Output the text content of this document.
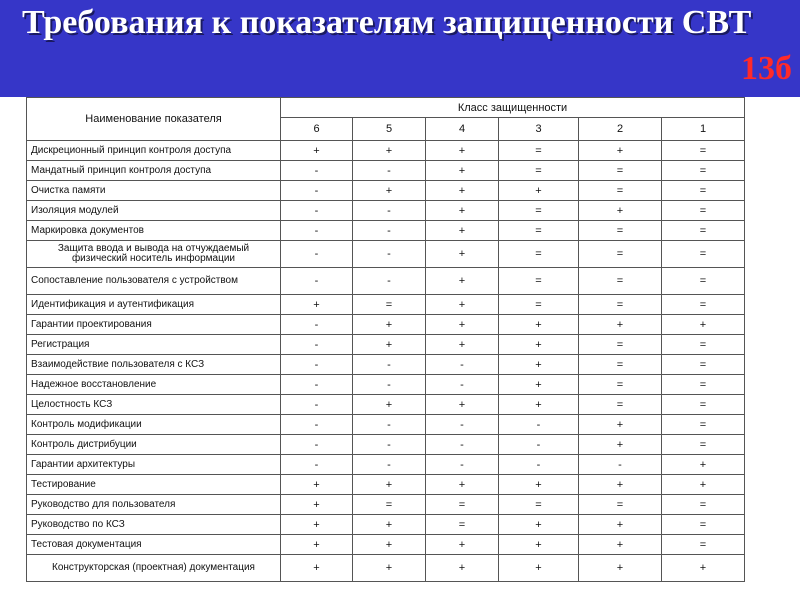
Требования к показателям защищенности СВТ
13б
Наименование показателя	Класс защищенности					
	6	5	4	3	2	1
Дискреционный принцип контроля доступа	+	+	+	=	+	=
Мандатный принцип контроля доступа	-	-	+	=	=	=
Очистка памяти	-	+	+	+	=	=
Изоляция модулей	-	-	+	=	+	=
Маркировка документов	-	-	+	=	=	=
Защита ввода и вывода на отчуждаемый физический носитель информации	-	-	+	=	=	=
Сопоставление пользователя с устройством	-	-	+	=	=	=
Идентификация и аутентификация	+	=	+	=	=	=
Гарантии проектирования	-	+	+	+	+	+
Регистрация	-	+	+	+	=	=
Взаимодействие пользователя с КСЗ	-	-	-	+	=	=
Надежное восстановление	-	-	-	+	=	=
Целостность КСЗ	-	+	+	+	=	=
Контроль модификации	-	-	-	-	+	=
Контроль дистрибуции	-	-	-	-	+	=
Гарантии архитектуры	-	-	-	-	-	+
Тестирование	+	+	+	+	+	+
Руководство для пользователя	+	=	=	=	=	=
Руководство по КСЗ	+	+	=	+	+	=
Тестовая документация	+	+	+	+	+	=
Конструкторская (проектная) документация	+	+	+	+	+	+
